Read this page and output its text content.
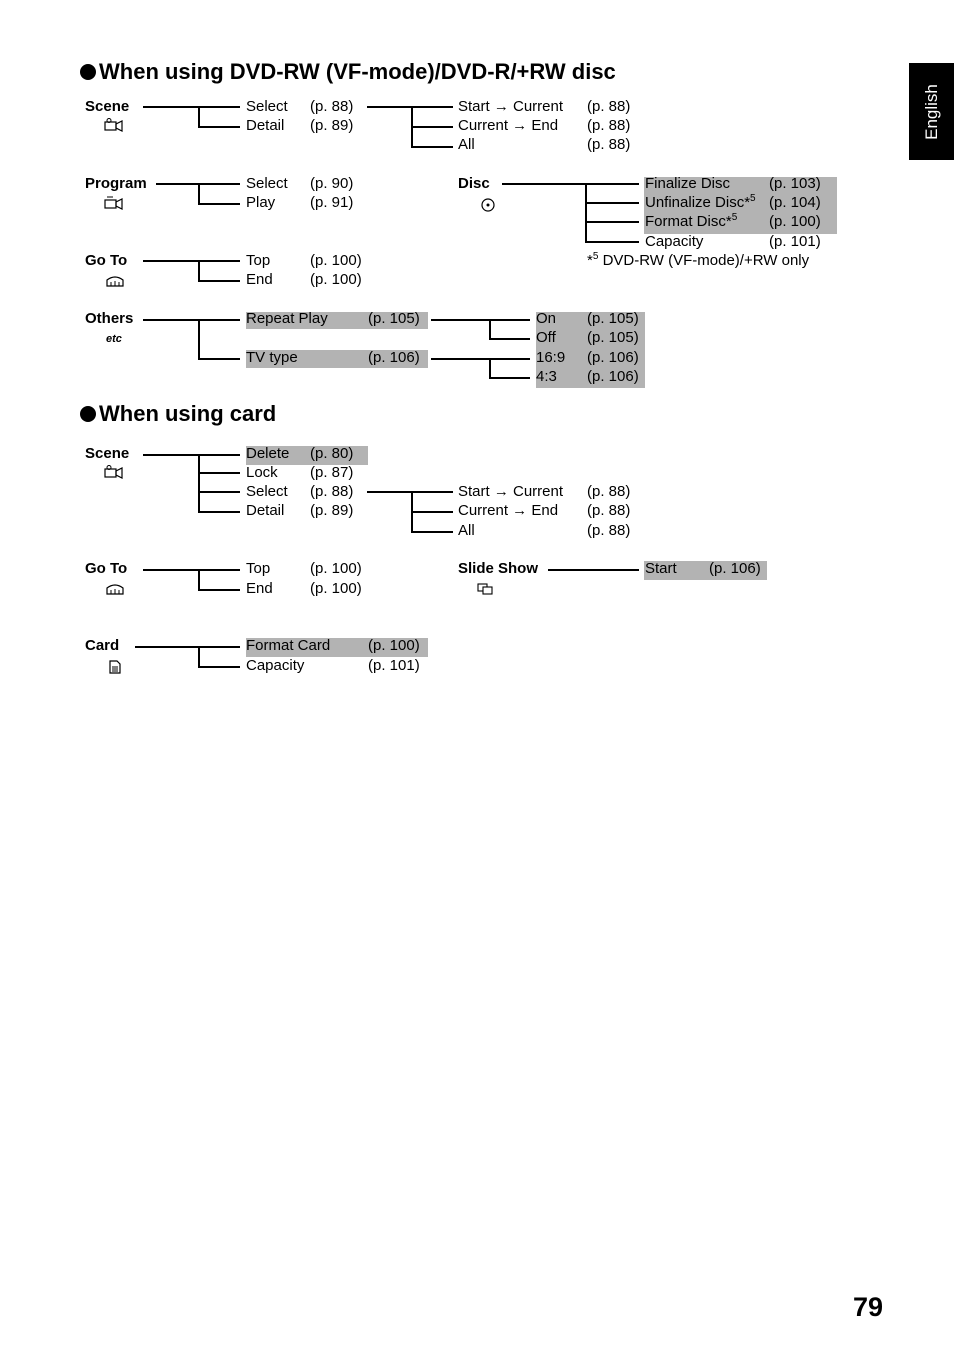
English
When using DVD-RW (VF-mode)/DVD-R/+RW disc
Scene	Select (p. 88)
Detail (p. 89)
Start → Current (p. 88)
Current → End (p. 88)
All	(p. 88)
Program	Select (p. 90)
Play (p. 91)
Disc	Finalize Disc	(p. 103)
Unfinalize Disc*$^5$ (p. 104)
Format Disc*$^5$ (p. 100)
Capacity	(p. 101)
*$^5$ DVD-RW (VF-mode)/+RW only
Go To	Top	(p. 100)
End (p. 100)
Others
etc
Repeat Play	(p. 105)
TV type	(p. 106)
On (p. 105)
Off (p. 105)
16:9 (p. 106)
4:3 (p. 106)
When using card
Scene	Delete (p. 80)
Lock (p. 87)
Select (p. 88)
Detail (p. 89)
Start → Current (p. 88)
Current → End (p. 88)
All	(p. 88)
Go To	Top	(p. 100)
End (p. 100)
Slide Show	Start (p. 106)
Card	Format Card	(p. 100)
Capacity	(p. 101)
79
